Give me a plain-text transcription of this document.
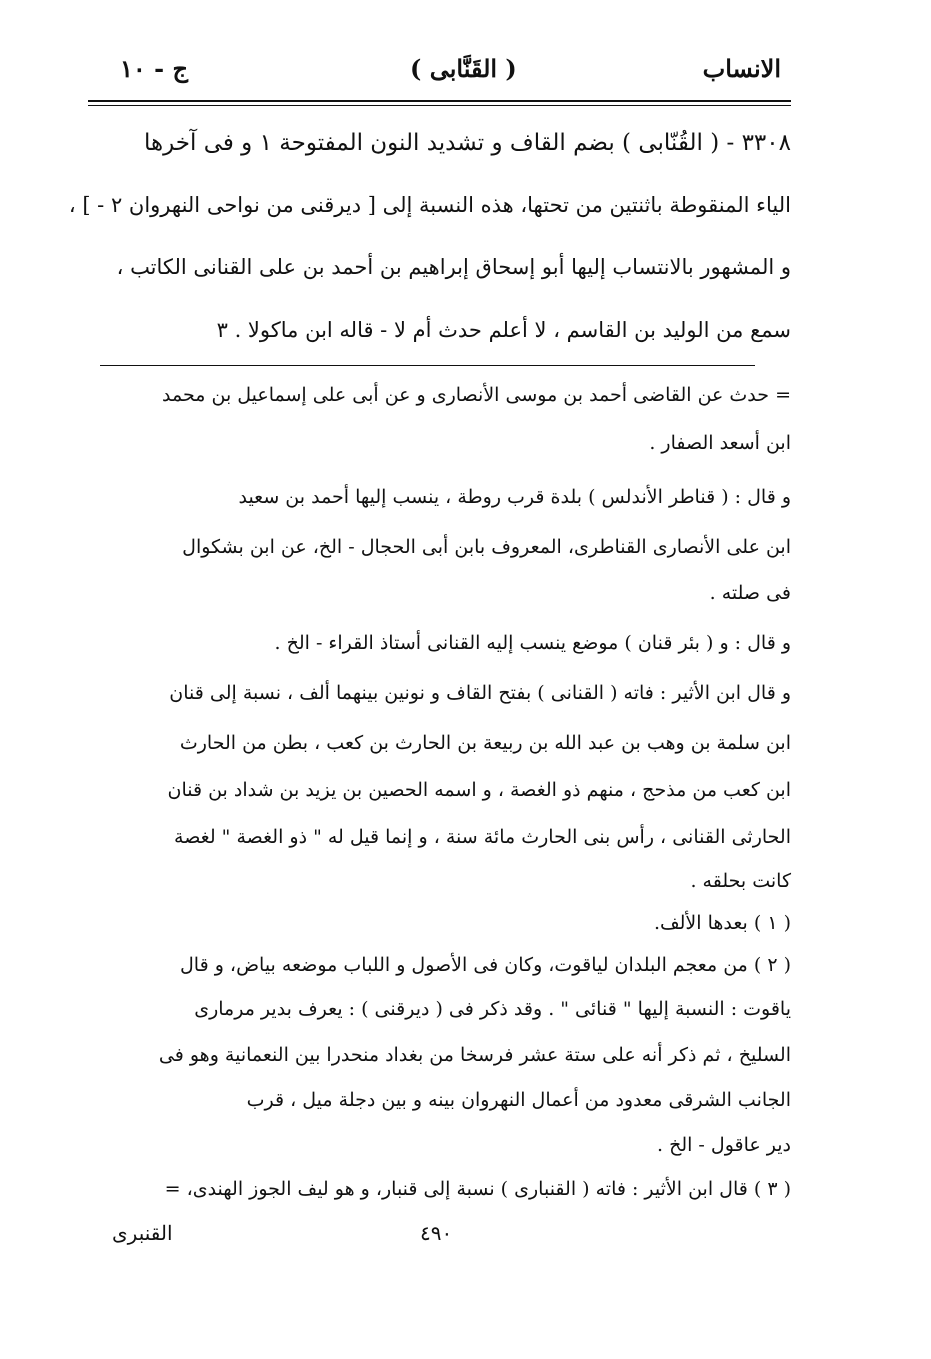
الانساب
( القَنَّابى )
ج - ١٠
٣٣٠٨ - ( القُنّابى ) بضم القاف و تشديد النون المفتوحة ١ و فى آخرها
الياء المنقوطة باثنتين من تحتها، هذه النسبة إلى [ ديرقنى من نواحى النهروان ٢ - ] ،
و المشهور بالانتساب إليها أبو إسحاق إبراهيم بن أحمد بن على القنانى الكاتب ،
سمع من الوليد بن القاسم ، لا أعلم حدث أم لا - قاله ابن ماكولا . ٣
= حدث عن القاضى أحمد بن موسى الأنصارى و عن أبى على إسماعيل بن محمد
ابن أسعد الصفار .
و قال : ( قناطر الأندلس ) بلدة قرب روطة ، ينسب إليها أحمد بن سعيد
ابن على الأنصارى القناطرى، المعروف بابن أبى الحجال - الخ، عن ابن بشكوال
فى صلته .
و قال : و ( بئر قنان ) موضع ينسب إليه القنانى أستاذ القراء - الخ .
و قال ابن الأثير : فاته ( القنانى ) بفتح القاف و نونين بينهما ألف ، نسبة إلى قنان
ابن سلمة بن وهب بن عبد الله بن ربيعة بن الحارث بن كعب ، بطن من الحارث
ابن كعب من مذحج ، منهم ذو الغصة ، و اسمه الحصين بن يزيد بن شداد بن قنان
الحارثى القنانى ، رأس بنى الحارث مائة سنة ، و إنما قيل له " ذو الغصة " لغصة
كانت بحلقه .
( ١ ) بعدها الألف.
( ٢ ) من معجم البلدان لياقوت، وكان فى الأصول و اللباب موضعه بياض، و قال
ياقوت : النسبة إليها " قنائى " . وقد ذكر فى ( ديرقنى ) : يعرف بدير مرمارى
السليخ ، ثم ذكر أنه على ستة عشر فرسخا من بغداد منحدرا بين النعمانية وهو فى
الجانب الشرقى معدود من أعمال النهروان بينه و بين دجلة ميل ، قرب
دير عاقول - الخ .
( ٣ ) قال ابن الأثير : فاته ( القنبارى ) نسبة إلى قنبار، و هو ليف الجوز الهندى، =
القنبرى	٤٩٠
